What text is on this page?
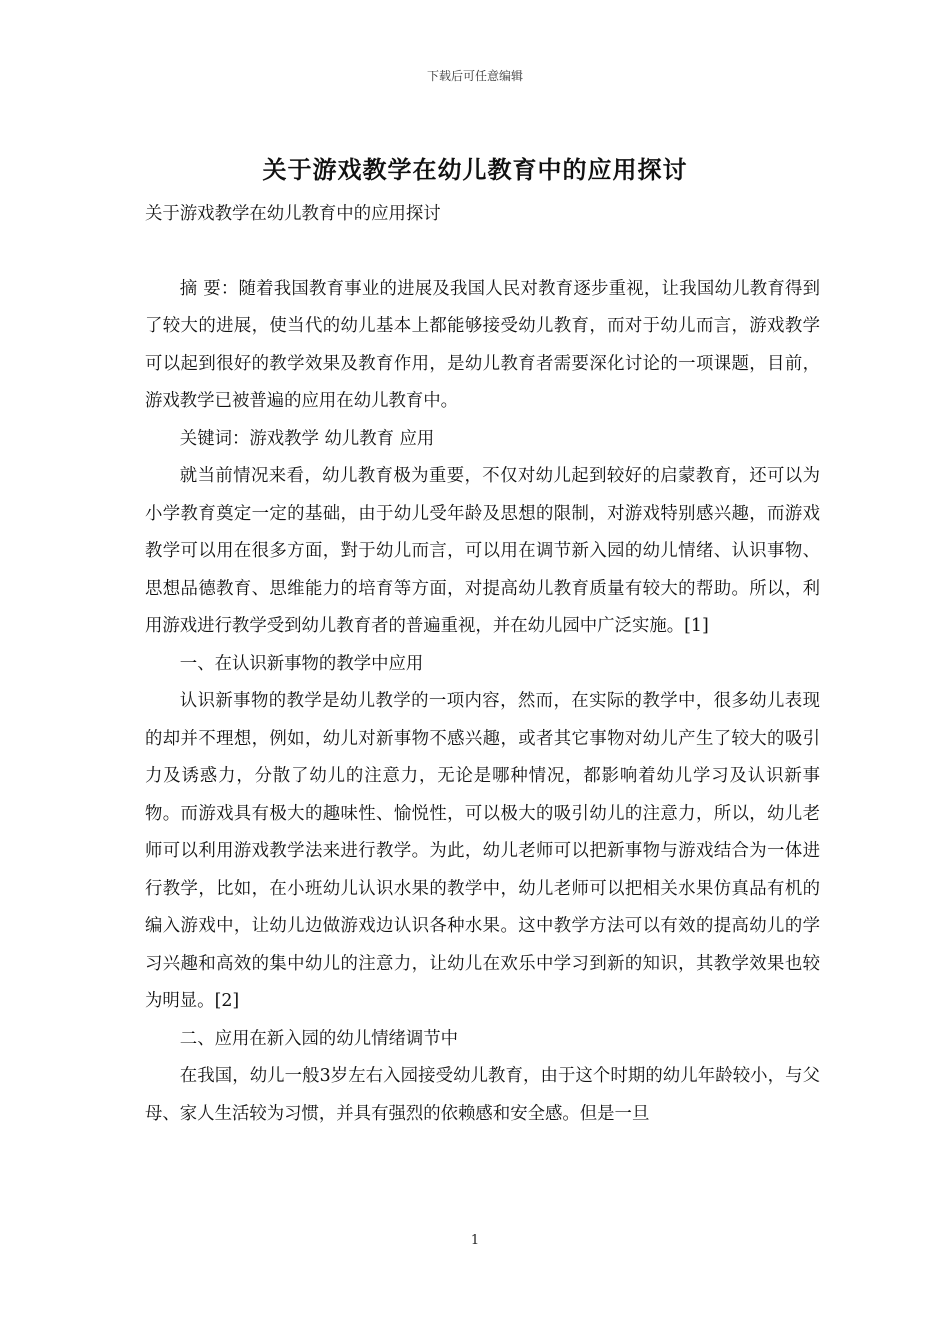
下载后可任意编辑
关于游戏教学在幼儿教育中的应用探讨

关于游戏教学在幼儿教育中的应用探讨

摘 要：随着我国教育事业的进展及我国人民对教育逐步重视，让我国幼儿教育得到了较大的进展，使当代的幼儿基本上都能够接受幼儿教育，而对于幼儿而言，游戏教学可以起到很好的教学效果及教育作用，是幼儿教育者需要深化讨论的一项课题，目前，游戏教学已被普遍的应用在幼儿教育中。

关键词：游戏教学 幼儿教育 应用

就当前情况来看，幼儿教育极为重要，不仅对幼儿起到较好的启蒙教育，还可以为小学教育奠定一定的基础，由于幼儿受年龄及思想的限制，对游戏特别感兴趣，而游戏教学可以用在很多方面，對于幼儿而言，可以用在调节新入园的幼儿情绪、认识事物、思想品德教育、思维能力的培育等方面，对提高幼儿教育质量有较大的帮助。所以，利用游戏进行教学受到幼儿教育者的普遍重视，并在幼儿园中广泛实施。[1]

一、在认识新事物的教学中应用

认识新事物的教学是幼儿教学的一项内容，然而，在实际的教学中，很多幼儿表现的却并不理想，例如，幼儿对新事物不感兴趣，或者其它事物对幼儿产生了较大的吸引力及诱惑力，分散了幼儿的注意力，无论是哪种情况，都影响着幼儿学习及认识新事物。而游戏具有极大的趣味性、愉悦性，可以极大的吸引幼儿的注意力，所以，幼儿老师可以利用游戏教学法来进行教学。为此，幼儿老师可以把新事物与游戏结合为一体进行教学，比如，在小班幼儿认识水果的教学中，幼儿老师可以把相关水果仿真品有机的编入游戏中，让幼儿边做游戏边认识各种水果。这中教学方法可以有效的提高幼儿的学习兴趣和高效的集中幼儿的注意力，让幼儿在欢乐中学习到新的知识，其教学效果也较为明显。[2]

二、应用在新入园的幼儿情绪调节中

在我国，幼儿一般3岁左右入园接受幼儿教育，由于这个时期的幼儿年龄较小，与父母、家人生活较为习惯，并具有强烈的依赖感和安全感。但是一旦

1
